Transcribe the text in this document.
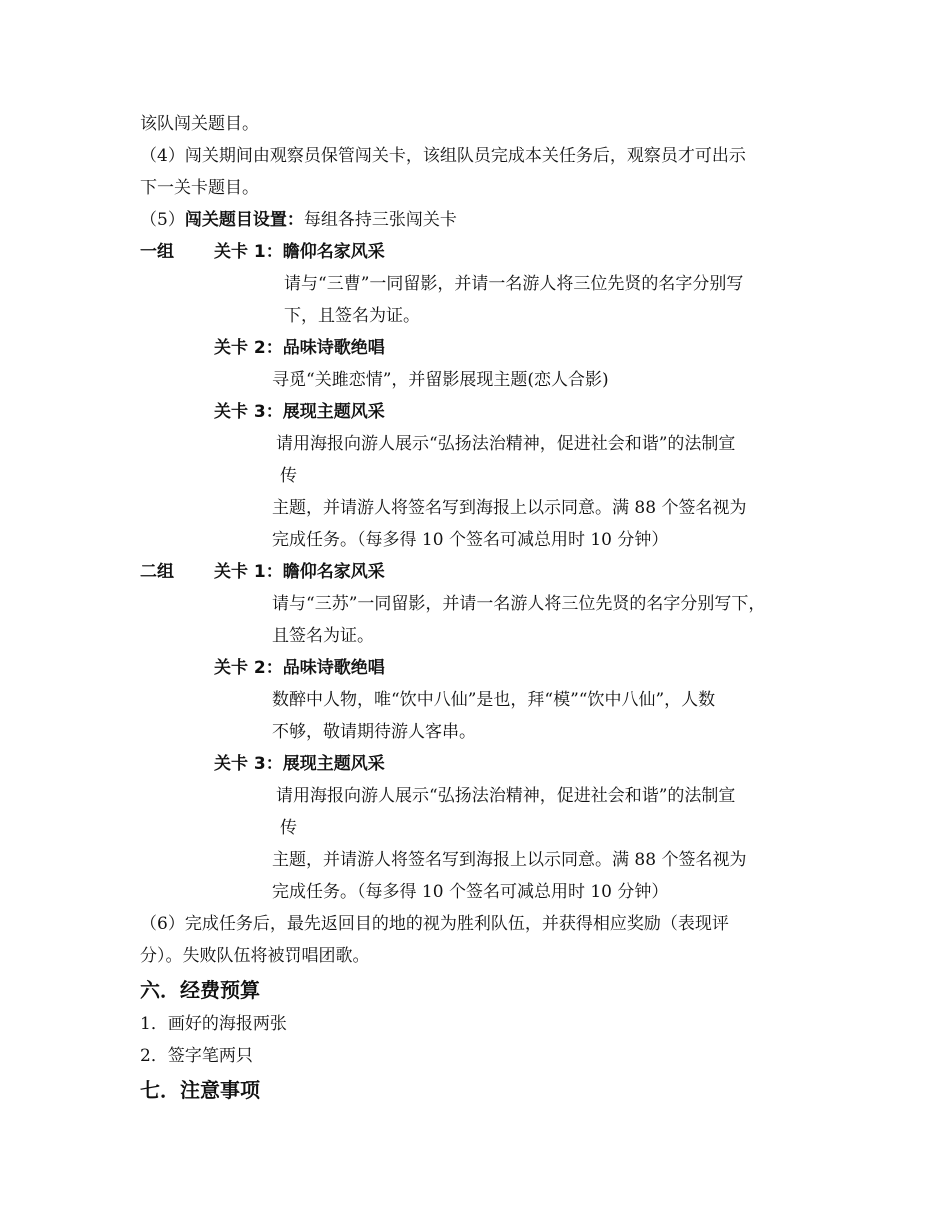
该队闯关题目。
（4）闯关期间由观察员保管闯关卡，该组队员完成本关任务后，观察员才可出示
下一关卡题目。
（5）闯关题目设置：每组各持三张闯关卡
一组 关卡 1：瞻仰名家风采
请与“三曹”一同留影，并请一名游人将三位先贤的名字分别写
下，且签名为证。
关卡 2：品味诗歌绝唱
寻觅“关雎恋情”，并留影展现主题(恋人合影)
关卡 3：展现主题风采
请用海报向游人展示“弘扬法治精神，促进社会和谐”的法制宣
传
主题，并请游人将签名写到海报上以示同意。满 88 个签名视为
完成任务。（每多得 10 个签名可减总用时 10 分钟）
二组 关卡 1：瞻仰名家风采
请与“三苏”一同留影，并请一名游人将三位先贤的名字分别写下，
且签名为证。
关卡 2：品味诗歌绝唱
数醉中人物，唯“饮中八仙”是也，拜“模”“饮中八仙”，人数
不够，敬请期待游人客串。
关卡 3：展现主题风采
请用海报向游人展示“弘扬法治精神，促进社会和谐”的法制宣
传
主题，并请游人将签名写到海报上以示同意。满 88 个签名视为
完成任务。（每多得 10 个签名可减总用时 10 分钟）
（6）完成任务后，最先返回目的地的视为胜利队伍，并获得相应奖励（表现评
分）。失败队伍将被罚唱团歌。
六．经费预算
1．画好的海报两张
2．签字笔两只
七．注意事项
